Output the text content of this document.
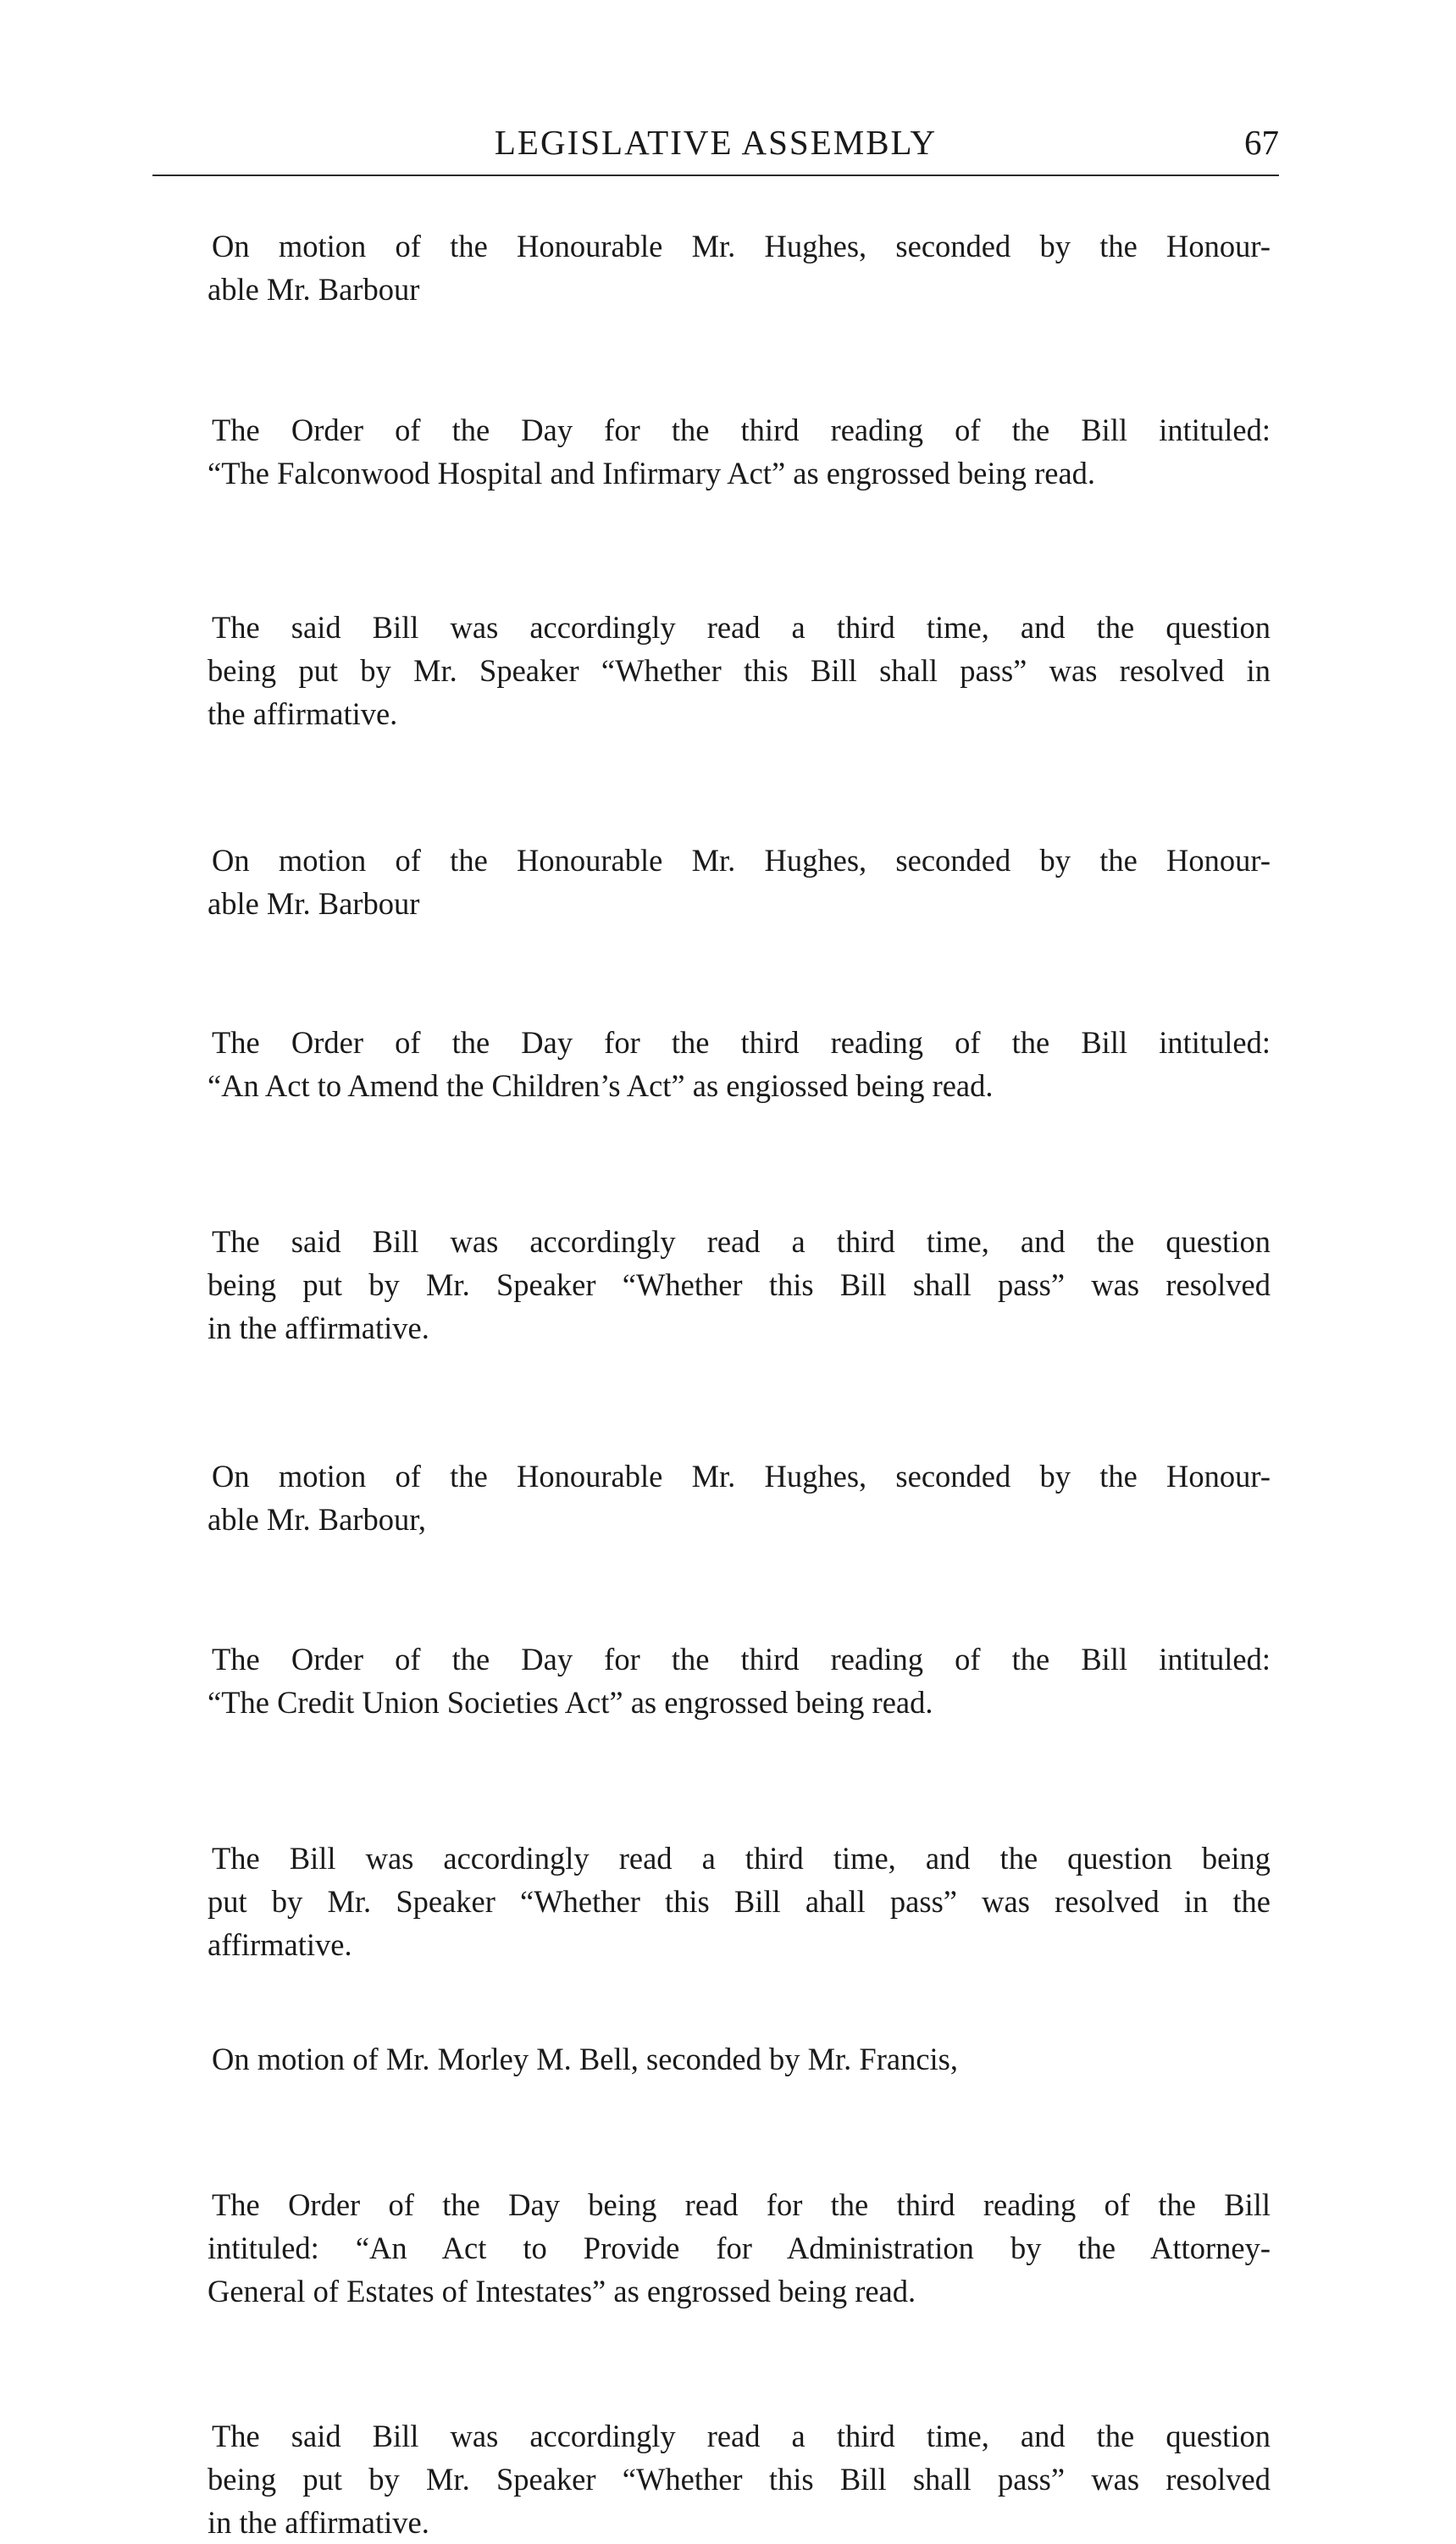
LEGISLATIVE ASSEMBLY	67

On motion of the Honourable Mr. Hughes, seconded by the Honour-
able Mr. Barbour

The Order of the Day for the third reading of the Bill intituled:
“The Falconwood Hospital and Infirmary Act” as engrossed being read.

The said Bill was accordingly read a third time, and the question
being put by Mr. Speaker “Whether this Bill shall pass” was resolved in
the affirmative.

On motion of the Honourable Mr. Hughes, seconded by the Honour-
able Mr. Barbour

The Order of the Day for the third reading of the Bill intituled:
“An Act to Amend the Children’s Act” as engiossed being read.

The said Bill was accordingly read a third time, and the question
being put by Mr. Speaker “Whether this Bill shall pass” was resolved
in the affirmative.

On motion of the Honourable Mr. Hughes, seconded by the Honour-
able Mr. Barbour,

The Order of the Day for the third reading of the Bill intituled:
“The Credit Union Societies Act” as engrossed being read.

The Bill was accordingly read a third time, and the question being
put by Mr. Speaker “Whether this Bill ahall pass” was resolved in the
affirmative.

On motion of Mr. Morley M. Bell, seconded by Mr. Francis,

The Order of the Day being read for the third reading of the Bill
intituled: “An Act to Provide for Administration by the Attorney-
General of Estates of Intestates” as engrossed being read.

The said Bill was accordingly read a third time, and the question
being put by Mr. Speaker “Whether this Bill shall pass” was resolved
in the affirmative.
